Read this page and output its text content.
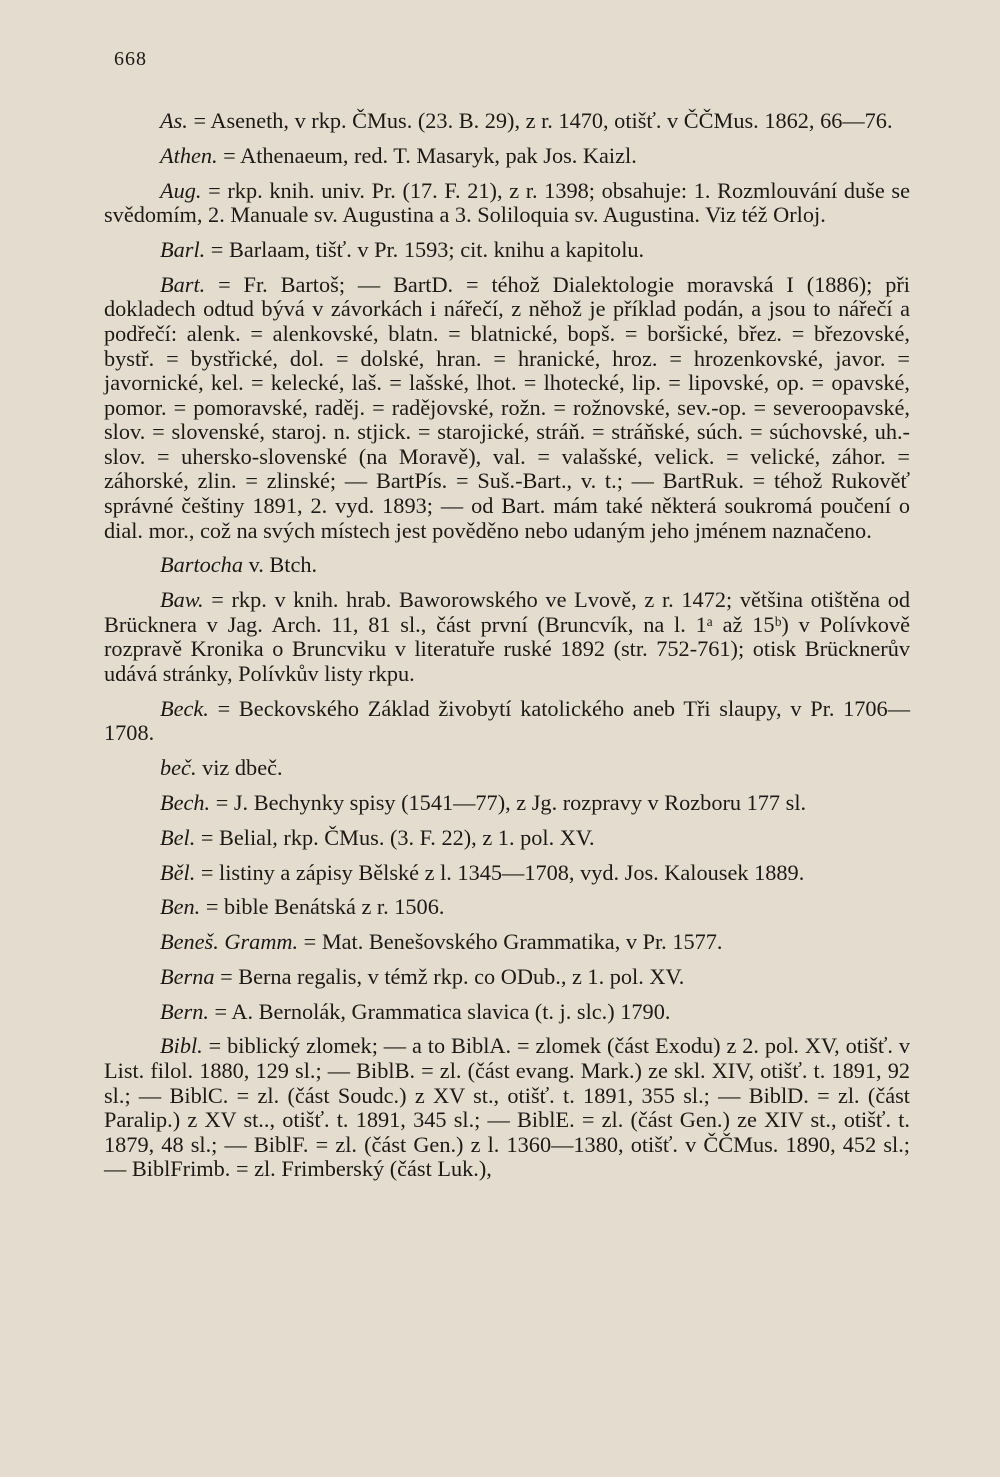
668

As. = Aseneth, v rkp. ČMus. (23. B. 29), z r. 1470, otišť. v ČČMus. 1862, 66—76.

Athen. = Athenaeum, red. T. Masaryk, pak Jos. Kaizl.

Aug. = rkp. knih. univ. Pr. (17. F. 21), z r. 1398; obsahuje: 1. Rozmlouvání duše se svědomím, 2. Manuale sv. Augustina a 3. Soliloquia sv. Augustina. Viz též Orloj.

Barl. = Barlaam, tišť. v Pr. 1593; cit. knihu a kapitolu.

Bart. = Fr. Bartoš; — BartD. = téhož Dialektologie moravská I (1886); při dokladech odtud bývá v závorkách i nářečí, z něhož je příklad podán, a jsou to nářečí a podřečí: alenk. = alenkovské, blatn. = blatnické, bорš. = boršické, břez. = březovské, bystř. = bystřické, dol. = dolské, hran. = hranické, hroz. = hrozenkovské, javor. = javornické, kel. = kelecké, laš. = lašské, lhot. = lhotecké, lip. = lipovské, op. = opavské, pomor. = pomoravské, raděj. = radějovské, rožn. = rožnovské, sev.-op. = severoopavské, slov. = slovenské, staroj. n. stjick. = starojické, stráň. = stráňské, súch. = súchovské, uh.-slov. = uhersko-slovenské (na Moravě), val. = valašské, velick. = velické, záhor. = záhorské, zlin. = zlinské; — BartPís. = Suš.-Bart., v. t.; — BartRuk. = téhož Rukověť správné češtiny 1891, 2. vyd. 1893; — od Bart. mám také některá soukromá poučení o dial. mor., což na svých místech jest pověděno nebo udaným jeho jménem naznačeno.

Bartocha v. Btch.

Baw. = rkp. v knih. hrab. Baworowského ve Lvově, z r. 1472; většina otištěna od Brücknera v Jag. Arch. 11, 81 sl., část první (Bruncvík, na l. 1ᵃ až 15ᵇ) v Polívkově rozpravě Kronika o Bruncviku v literatuře ruské 1892 (str. 752-761); otisk Brücknerův udává stránky, Polívkův listy rkpu.

Beck. = Beckovského Základ živobytí katolického aneb Tři slaupy, v Pr. 1706—1708.

beč. viz dbeč.

Bech. = J. Bechynky spisy (1541—77), z Jg. rozpravy v Rozboru 177 sl.

Bel. = Belial, rkp. ČMus. (3. F. 22), z 1. pol. XV.

Běl. = listiny a zápisy Bělské z l. 1345—1708, vyd. Jos. Kalousek 1889.

Ben. = bible Benátská z r. 1506.

Beneš. Gramm. = Mat. Benešovského Grammatika, v Pr. 1577.

Berna = Berna regalis, v témž rkp. co ODub., z 1. pol. XV.

Bern. = A. Bernolák, Grammatica slavica (t. j. slc.) 1790.

Bibl. = biblický zlomek; — a to BiblA. = zlomek (část Exodu) z 2. pol. XV, otišť. v List. filol. 1880, 129 sl.; — BiblB. = zl. (část evang. Mark.) ze skl. XIV, otišť. t. 1891, 92 sl.; — BiblC. = zl. (část Soudc.) z XV st., otišť. t. 1891, 355 sl.; — BiblD. = zl. (část Paralip.) z XV st.., otišť. t. 1891, 345 sl.; — BiblE. = zl. (část Gen.) ze XIV st., otišť. t. 1879, 48 sl.; — BiblF. = zl. (část Gen.) z l. 1360—1380, otišť. v ČČMus. 1890, 452 sl.; — BiblFrimb. = zl. Frimberský (část Luk.),
